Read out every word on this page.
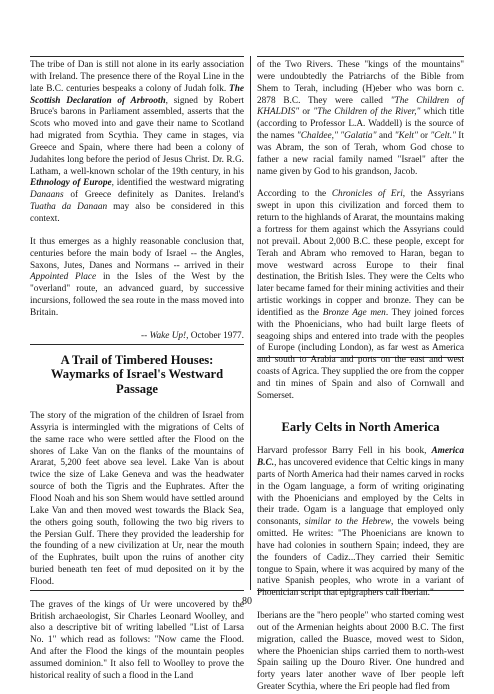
The tribe of Dan is still not alone in its early association with Ireland. The presence there of the Royal Line in the late B.C. centuries bespeaks a colony of Judah folk. The Scottish Declaration of Arbrooth, signed by Robert Bruce's barons in Parliament assembled, asserts that the Scots who moved into and gave their name to Scotland had migrated from Scythia. They came in stages, via Greece and Spain, where there had been a colony of Judahites long before the period of Jesus Christ. Dr. R.G. Latham, a well-known scholar of the 19th century, in his Ethnology of Europe, identified the westward migrating Danaans of Greece definitely as Danites. Ireland's Tuatha da Danaan may also be considered in this context.

It thus emerges as a highly reasonable conclusion that, centuries before the main body of Israel -- the Angles, Saxons, Jutes, Danes and Normans -- arrived in their Appointed Place in the Isles of the West by the "overland" route, an advanced guard, by successive incursions, followed the sea route in the mass moved into Britain.

-- Wake Up!, October 1977.

A Trail of Timbered Houses: Waymarks of Israel's Westward Passage

The story of the migration of the children of Israel from Assyria is intermingled with the migrations of Celts of the same race who were settled after the Flood on the shores of Lake Van on the flanks of the mountains of Ararat, 5,200 feet above sea level. Lake Van is about twice the size of Lake Geneva and was the headwater source of both the Tigris and the Euphrates. After the Flood Noah and his son Shem would have settled around Lake Van and then moved west towards the Black Sea, the others going south, following the two big rivers to the Persian Gulf. There they provided the leadership for the founding of a new civilization at Ur, near the mouth of the Euphrates, built upon the ruins of another city buried beneath ten feet of mud deposited on it by the Flood.

The graves of the kings of Ur were uncovered by the British archaeologist, Sir Charles Leonard Woolley, and also a descriptive bit of writing labelled "List of Larsa No. 1" which read as follows: "Now came the Flood. And after the Flood the kings of the mountain peoples assumed dominion." It also fell to Woolley to prove the historical reality of such a flood in the Land

of the Two Rivers. These "kings of the mountains" were undoubtedly the Patriarchs of the Bible from Shem to Terah, including (H)eber who was born c. 2878 B.C. They were called "The Children of KHALDIS" or "The Children of the River," which title (according to Professor L.A. Waddell) is the source of the names "Chaldee," "Galatia" and "Kelt" or "Celt." It was Abram, the son of Terah, whom God chose to father a new racial family named "Israel" after the name given by God to his grandson, Jacob.

According to the Chronicles of Eri, the Assyrians swept in upon this civilization and forced them to return to the highlands of Ararat, the mountains making a fortress for them against which the Assyrians could not prevail. About 2,000 B.C. these people, except for Terah and Abram who removed to Haran, began to move westward across Europe to their final destination, the British Isles. They were the Celts who later became famed for their mining activities and their artistic workings in copper and bronze. They can be identified as the Bronze Age men. They joined forces with the Phoenicians, who had built large fleets of seagoing ships and entered into trade with the peoples of Europe (including London), as far west as America and south to Arabia and ports on the east and west coasts of Agrica. They supplied the ore from the copper and tin mines of Spain and also of Cornwall and Somerset.

Early Celts in North America

Harvard professor Barry Fell in his book, America B.C., has uncovered evidence that Celtic kings in many parts of North America had their names carved in rocks in the Ogam language, a form of writing originating with the Phoenicians and employed by the Celts in their trade. Ogam is a language that employed only consonants, similar to the Hebrew, the vowels being omitted. He writes: "The Phoenicians are known to have had colonies in southern Spain; indeed, they are the founders of Cadiz...They carried their Semitic tongue to Spain, where it was acquired by many of the native Spanish peoples, who wrote in a variant of Phoenician script that epigraphers call Iberian."

Iberians are the "hero people" who started coming west out of the Armenian heights about 2000 B.C. The first migration, called the Buasce, moved west to Sidon, where the Phoenician ships carried them to north-west Spain sailing up the Douro River. One hundred and forty years later another wave of Iber people left Greater Scythia, where the Eri people had fled from

80
